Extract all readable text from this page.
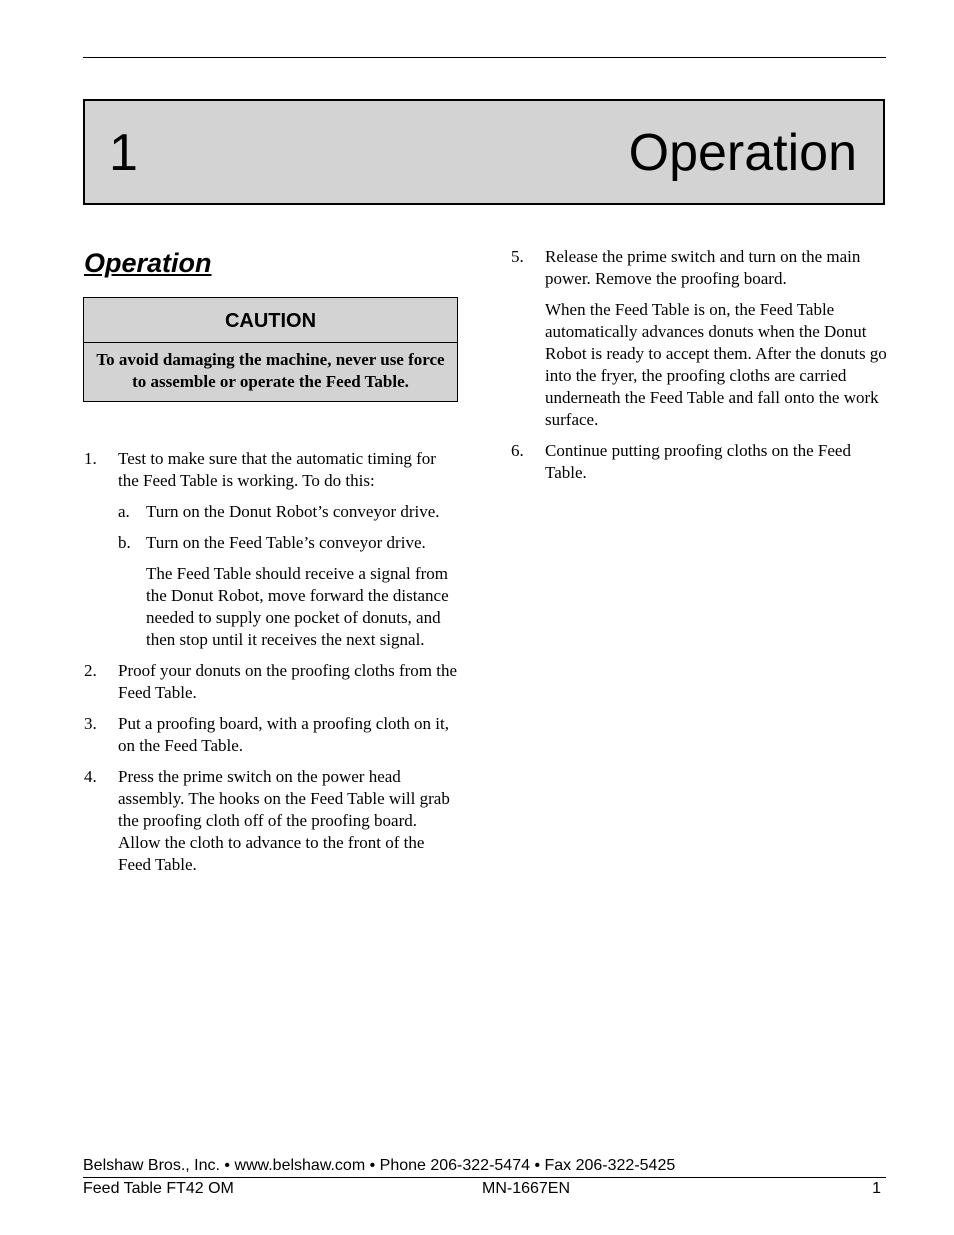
1	Operation
Operation
CAUTION
To avoid damaging the machine, never use force to assemble or operate the Feed Table.
1. Test to make sure that the automatic timing for the Feed Table is working. To do this:
a. Turn on the Donut Robot’s conveyor drive.
b. Turn on the Feed Table’s conveyor drive.
The Feed Table should receive a signal from the Donut Robot, move forward the distance needed to supply one pocket of donuts, and then stop until it receives the next signal.
2. Proof your donuts on the proofing cloths from the Feed Table.
3. Put a proofing board, with a proofing cloth on it, on the Feed Table.
4. Press the prime switch on the power head assembly. The hooks on the Feed Table will grab the proofing cloth off of the proofing board. Allow the cloth to advance to the front of the Feed Table.
5. Release the prime switch and turn on the main power. Remove the proofing board.
When the Feed Table is on, the Feed Table automatically advances donuts when the Donut Robot is ready to accept them. After the donuts go into the fryer, the proofing cloths are carried underneath the Feed Table and fall onto the work surface.
6. Continue putting proofing cloths on the Feed Table.
Belshaw Bros., Inc. • www.belshaw.com • Phone 206-322-5474 • Fax 206-322-5425
Feed Table FT42 OM	MN-1667EN	1
